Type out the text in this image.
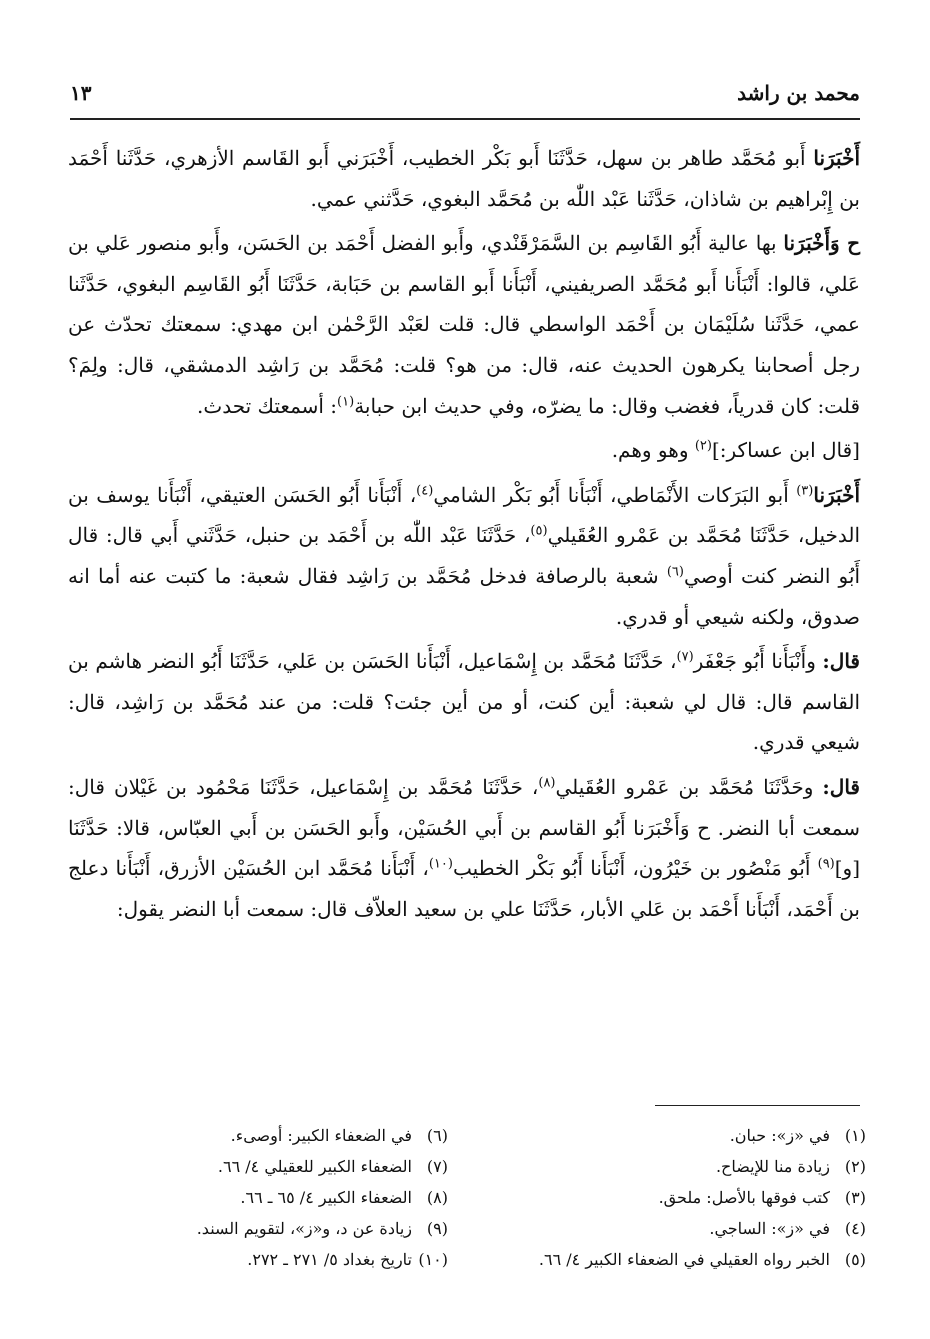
محمد بن راشد
١٣

أَخْبَرَنا أَبو مُحَمَّد طاهر بن سهل، حَدَّثَنَا أَبو بَكْر الخطيب، أَخْبَرَني أَبو القَاسم الأزهري، حَدَّثَنا أَحْمَد بن إِبْراهيم بن شاذان، حَدَّثَنا عَبْد اللّٰه بن مُحَمَّد البغوي، حَدَّثني عمي.

ح وَأَخْبَرَنا بها عالية أَبُو القَاسِم بن السَّمَرْقَنْدي، وأَبو الفضل أَحْمَد بن الحَسَن، وأَبو منصور عَلي بن عَلي، قالوا: أَنْبَأَنا أَبو مُحَمَّد الصريفيني، أَنْبَأَنا أَبو القاسم بن حَبَابة، حَدَّثَنَا أَبُو القَاسِم البغوي، حَدَّثَنا عمي، حَدَّثَنا سُلَيْمَان بن أَحْمَد الواسطي قال: قلت لعَبْد الرَّحْمٰن ابن مهدي: سمعتك تحدّث عن رجل أصحابنا يكرهون الحديث عنه، قال: من هو؟ قلت: مُحَمَّد بن رَاشِد الدمشقي، قال: ولِمَ؟ قلت: كان قدرياً، فغضب وقال: ما يضرّه، وفي حديث ابن حبابة$^{(١)}$: أسمعتك تحدث.

[قال ابن عساكر:]$^{(٢)}$ وهو وهم.

أَخْبَرَنا$^{(٣)}$ أَبو البَرَكات الأَنْمَاطي، أَنْبَأَنا أَبُو بَكْر الشامي$^{(٤)}$، أَنْبَأَنا أَبُو الحَسَن العتيقي، أَنْبَأَنا يوسف بن الدخيل، حَدَّثَنَا مُحَمَّد بن عَمْرو العُقَيلي$^{(٥)}$، حَدَّثَنَا عَبْد اللّٰه بن أَحْمَد بن حنبل، حَدَّثَني أَبي قال: قال أَبُو النضر كنت أوصي$^{(٦)}$ شعبة بالرصافة فدخل مُحَمَّد بن رَاشِد فقال شعبة: ما كتبت عنه أما انه صدوق، ولكنه شيعي أو قدري.

قال: وأَنْبَأَنا أَبُو جَعْفَر$^{(٧)}$، حَدَّثَنَا مُحَمَّد بن إِسْمَاعيل، أَنْبَأَنا الحَسَن بن عَلي، حَدَّثَنَا أَبُو النضر هاشم بن القاسم قال: قال لي شعبة: أين كنت، أو من أين جئت؟ قلت: من عند مُحَمَّد بن رَاشِد، قال: شيعي قدري.

قال: وحَدَّثَنَا مُحَمَّد بن عَمْرو العُقَيلي$^{(٨)}$، حَدَّثَنَا مُحَمَّد بن إِسْمَاعيل، حَدَّثَنَا مَحْمُود بن غَيْلان قال: سمعت أبا النضر. ح وَأَخْبَرَنا أَبُو القاسم بن أَبي الحُسَيْن، وأَبو الحَسَن بن أَبي العبّاس، قالا: حَدَّثَنَا [و]$^{(٩)}$ أَبُو مَنْصُور بن خَيْرُون، أَنْبَأَنا أَبُو بَكْر الخطيب$^{(١٠)}$، أَنْبَأَنا مُحَمَّد ابن الحُسَيْن الأزرق، أَنْبَأَنا دعلج بن أَحْمَد، أَنْبَأَنا أَحْمَد بن عَلي الأبار، حَدَّثَنَا علي بن سعيد العلاّف قال: سمعت أبا النضر يقول:

(١)في «ز»: حبان.
(٢)زيادة منا للإيضاح.
(٣)كتب فوقها بالأصل: ملحق.
(٤)في «ز»: الساجي.
(٥)الخبر رواه العقيلي في الضعفاء الكبير ٤/ ٦٦.
(٦)في الضعفاء الكبير: أوصىء.
(٧)الضعفاء الكبير للعقيلي ٤/ ٦٦.
(٨)الضعفاء الكبير ٤/ ٦٥ ـ ٦٦.
(٩)زيادة عن د، و«ز»، لتقويم السند.
(١٠)تاريخ بغداد ٥/ ٢٧١ ـ ٢٧٢.
